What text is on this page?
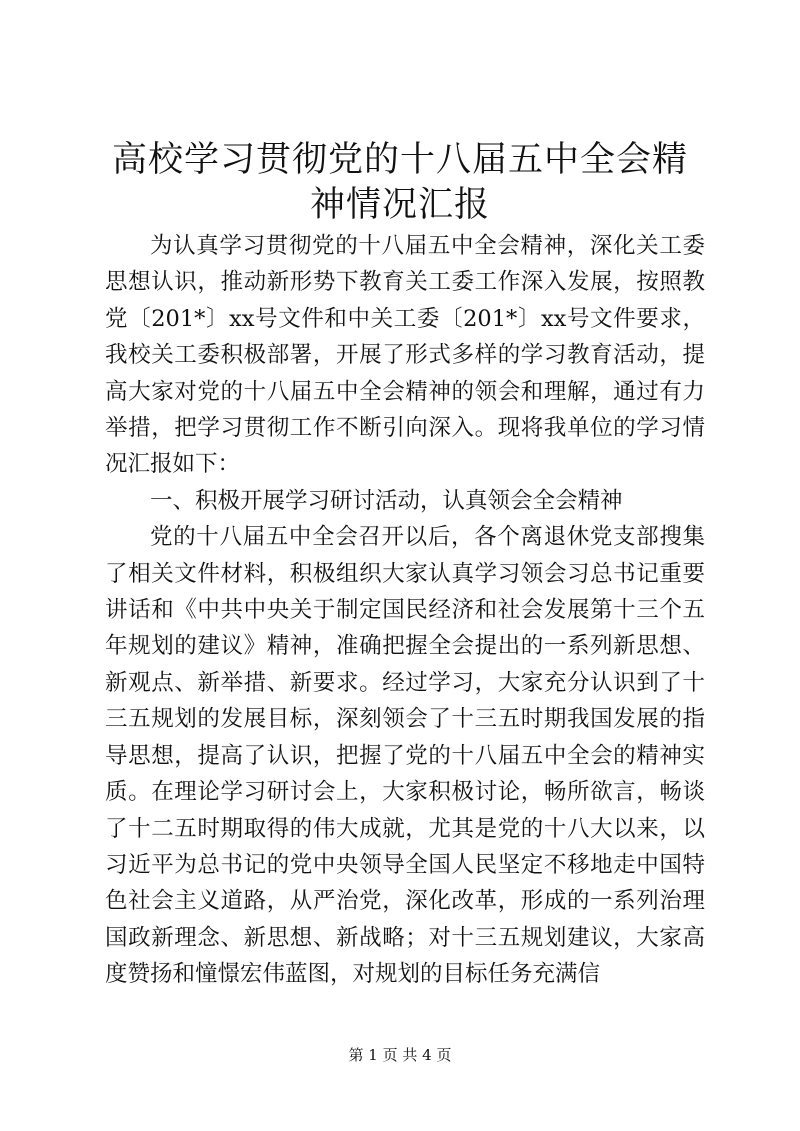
高校学习贯彻党的十八届五中全会精神情况汇报

为认真学习贯彻党的十八届五中全会精神，深化关工委思想认识，推动新形势下教育关工委工作深入发展，按照教党〔201*〕xx号文件和中关工委〔201*〕xx号文件要求，我校关工委积极部署，开展了形式多样的学习教育活动，提高大家对党的十八届五中全会精神的领会和理解，通过有力举措，把学习贯彻工作不断引向深入。现将我单位的学习情况汇报如下：

一、积极开展学习研讨活动，认真领会全会精神

党的十八届五中全会召开以后，各个离退休党支部搜集了相关文件材料，积极组织大家认真学习领会习总书记重要讲话和《中共中央关于制定国民经济和社会发展第十三个五年规划的建议》精神，准确把握全会提出的一系列新思想、新观点、新举措、新要求。经过学习，大家充分认识到了十三五规划的发展目标，深刻领会了十三五时期我国发展的指导思想，提高了认识，把握了党的十八届五中全会的精神实质。在理论学习研讨会上，大家积极讨论，畅所欲言，畅谈了十二五时期取得的伟大成就，尤其是党的十八大以来，以习近平为总书记的党中央领导全国人民坚定不移地走中国特色社会主义道路，从严治党，深化改革，形成的一系列治理国政新理念、新思想、新战略；对十三五规划建议，大家高度赞扬和憧憬宏伟蓝图，对规划的目标任务充满信

第 1 页 共 4 页
